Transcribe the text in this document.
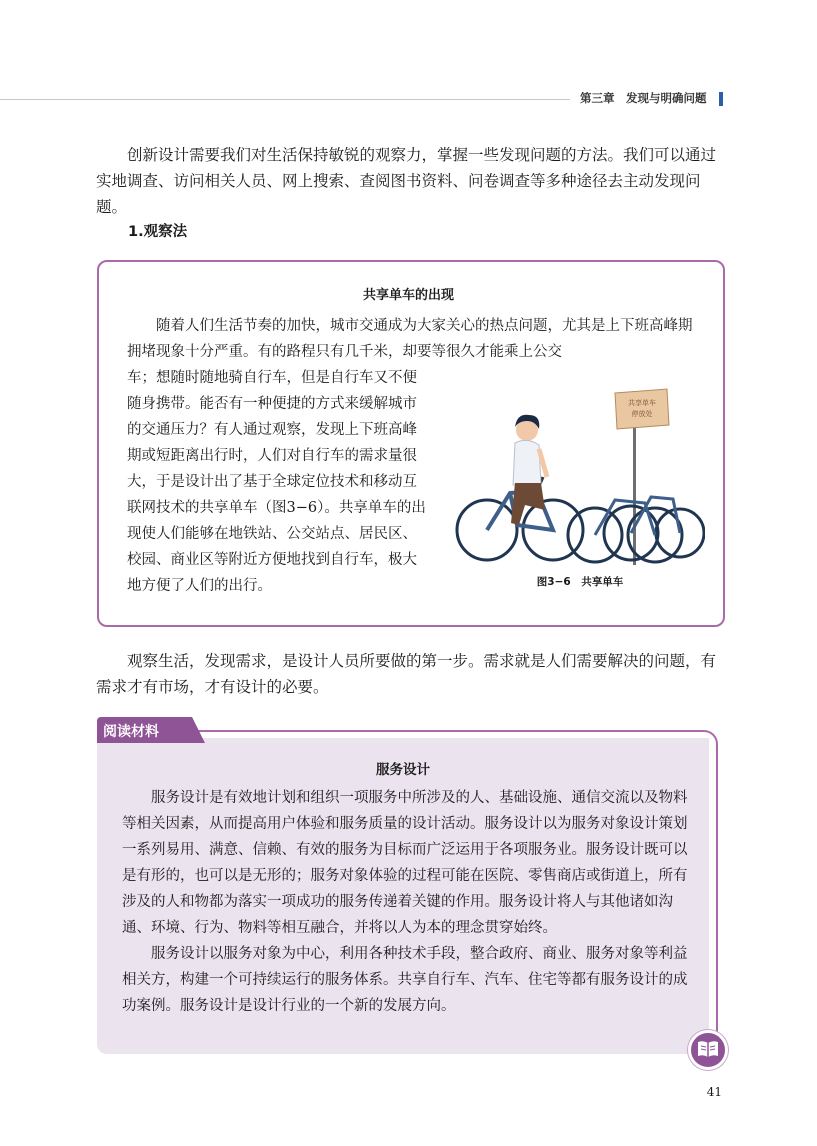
第三章　发现与明确问题

创新设计需要我们对生活保持敏锐的观察力，掌握一些发现问题的方法。我们可以通过实地调查、访问相关人员、网上搜索、查阅图书资料、问卷调查等多种途径去主动发现问题。

1.观察法
共享单车的出现

随着人们生活节奏的加快，城市交通成为大家关心的热点问题，尤其是上下班高峰期拥堵现象十分严重。有的路程只有几千米，却要等很久才能乘上公交

车；想随时随地骑自行车，但是自行车又不便随身携带。能否有一种便捷的方式来缓解城市的交通压力？有人通过观察，发现上下班高峰期或短距离出行时，人们对自行车的需求量很大，于是设计出了基于全球定位技术和移动互联网技术的共享单车（图3−6）。共享单车的出现使人们能够在地铁站、公交站点、居民区、校园、商业区等附近方便地找到自行车，极大地方便了人们的出行。

共享单车
停放处
图3−6　共享单车

观察生活，发现需求，是设计人员所要做的第一步。需求就是人们需要解决的问题，有需求才有市场，才有设计的必要。

阅读材料
服务设计

服务设计是有效地计划和组织一项服务中所涉及的人、基础设施、通信交流以及物料等相关因素，从而提高用户体验和服务质量的设计活动。服务设计以为服务对象设计策划一系列易用、满意、信赖、有效的服务为目标而广泛运用于各项服务业。服务设计既可以是有形的，也可以是无形的；服务对象体验的过程可能在医院、零售商店或街道上，所有涉及的人和物都为落实一项成功的服务传递着关键的作用。服务设计将人与其他诸如沟通、环境、行为、物料等相互融合，并将以人为本的理念贯穿始终。

服务设计以服务对象为中心，利用各种技术手段，整合政府、商业、服务对象等利益相关方，构建一个可持续运行的服务体系。共享自行车、汽车、住宅等都有服务设计的成功案例。服务设计是设计行业的一个新的发展方向。

41
